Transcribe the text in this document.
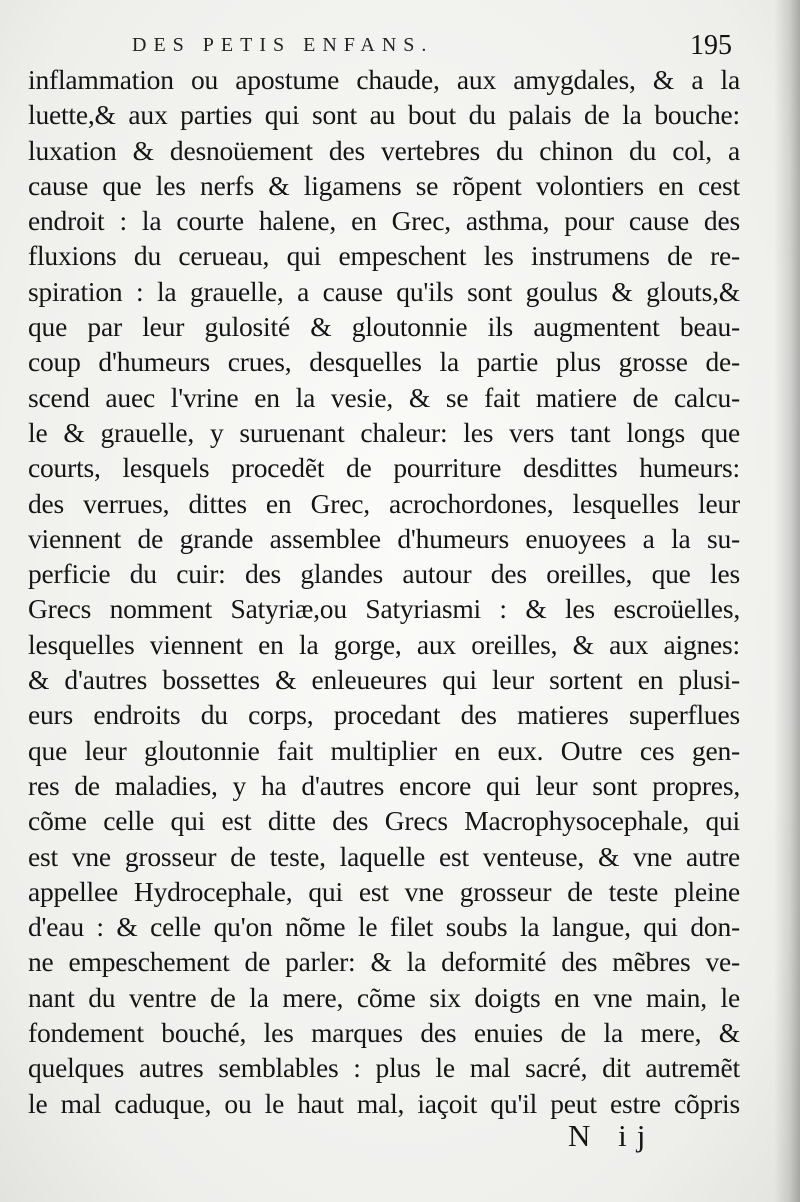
DES PETIS ENFANS.	195
inflammation ou apostume chaude, aux amygdales, & a la
luette,& aux parties qui sont au bout du palais de la bouche:
luxation & desnoüement des vertebres du chinon du col, a
cause que les nerfs & ligamens se rõpent volontiers en cest
endroit : la courte halene, en Grec, asthma, pour cause des
fluxions du cerueau, qui empeschent les instrumens de re-
spiration : la grauelle, a cause qu'ils sont goulus & glouts,&
que par leur gulosité & gloutonnie ils augmentent beau-
coup d'humeurs crues, desquelles la partie plus grosse de-
scend auec l'vrine en la vesie, & se fait matiere de calcu-
le & grauelle, y suruenant chaleur: les vers tant longs que
courts, lesquels procedẽt de pourriture desdittes humeurs:
des verrues, dittes en Grec, acrochordones, lesquelles leur
viennent de grande assemblee d'humeurs enuoyees a la su-
perficie du cuir: des glandes autour des oreilles, que les
Grecs nomment Satyriæ,ou Satyriasmi : & les escroüelles,
lesquelles viennent en la gorge, aux oreilles, & aux aignes:
& d'autres bossettes & enleueures qui leur sortent en plusi-
eurs endroits du corps, procedant des matieres superflues
que leur gloutonnie fait multiplier en eux. Outre ces gen-
res de maladies, y ha d'autres encore qui leur sont propres,
cõme celle qui est ditte des Grecs Macrophysocephale, qui
est vne grosseur de teste, laquelle est venteuse, & vne autre
appellee Hydrocephale, qui est vne grosseur de teste pleine
d'eau : & celle qu'on nõme le filet soubs la langue, qui don-
ne empeschement de parler: & la deformité des mẽbres ve-
nant du ventre de la mere, cõme six doigts en vne main, le
fondement bouché, les marques des enuies de la mere, &
quelques autres semblables : plus le mal sacré, dit autremẽt
le mal caduque, ou le haut mal, iaçoit qu'il peut estre cõpris
N ij
